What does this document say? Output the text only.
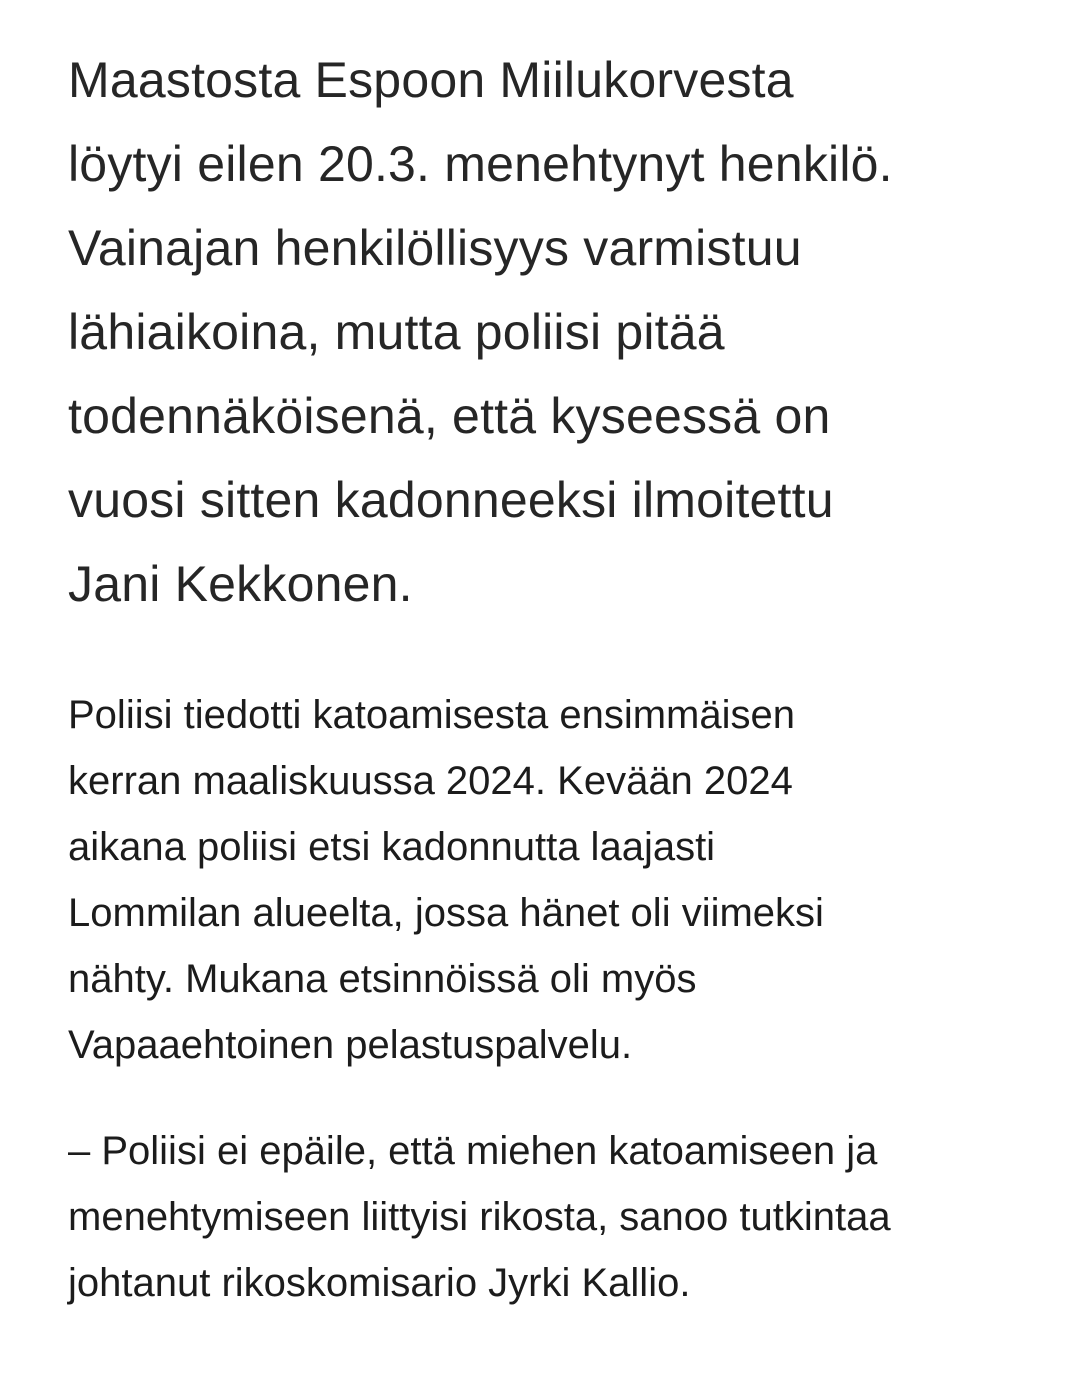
Maastosta Espoon Miilukorvesta
löytyi eilen 20.3. menehtynyt henkilö.
Vainajan henkilöllisyys varmistuu
lähiaikoina, mutta poliisi pitää
todennäköisenä, että kyseessä on
vuosi sitten kadonneeksi ilmoitettu
Jani Kekkonen.

Poliisi tiedotti katoamisesta ensimmäisen
kerran maaliskuussa 2024. Kevään 2024
aikana poliisi etsi kadonnutta laajasti
Lommilan alueelta, jossa hänet oli viimeksi
nähty. Mukana etsinnöissä oli myös
Vapaaehtoinen pelastuspalvelu.

– Poliisi ei epäile, että miehen katoamiseen ja
menehtymiseen liittyisi rikosta, sanoo tutkintaa
johtanut rikoskomisario Jyrki Kallio.
